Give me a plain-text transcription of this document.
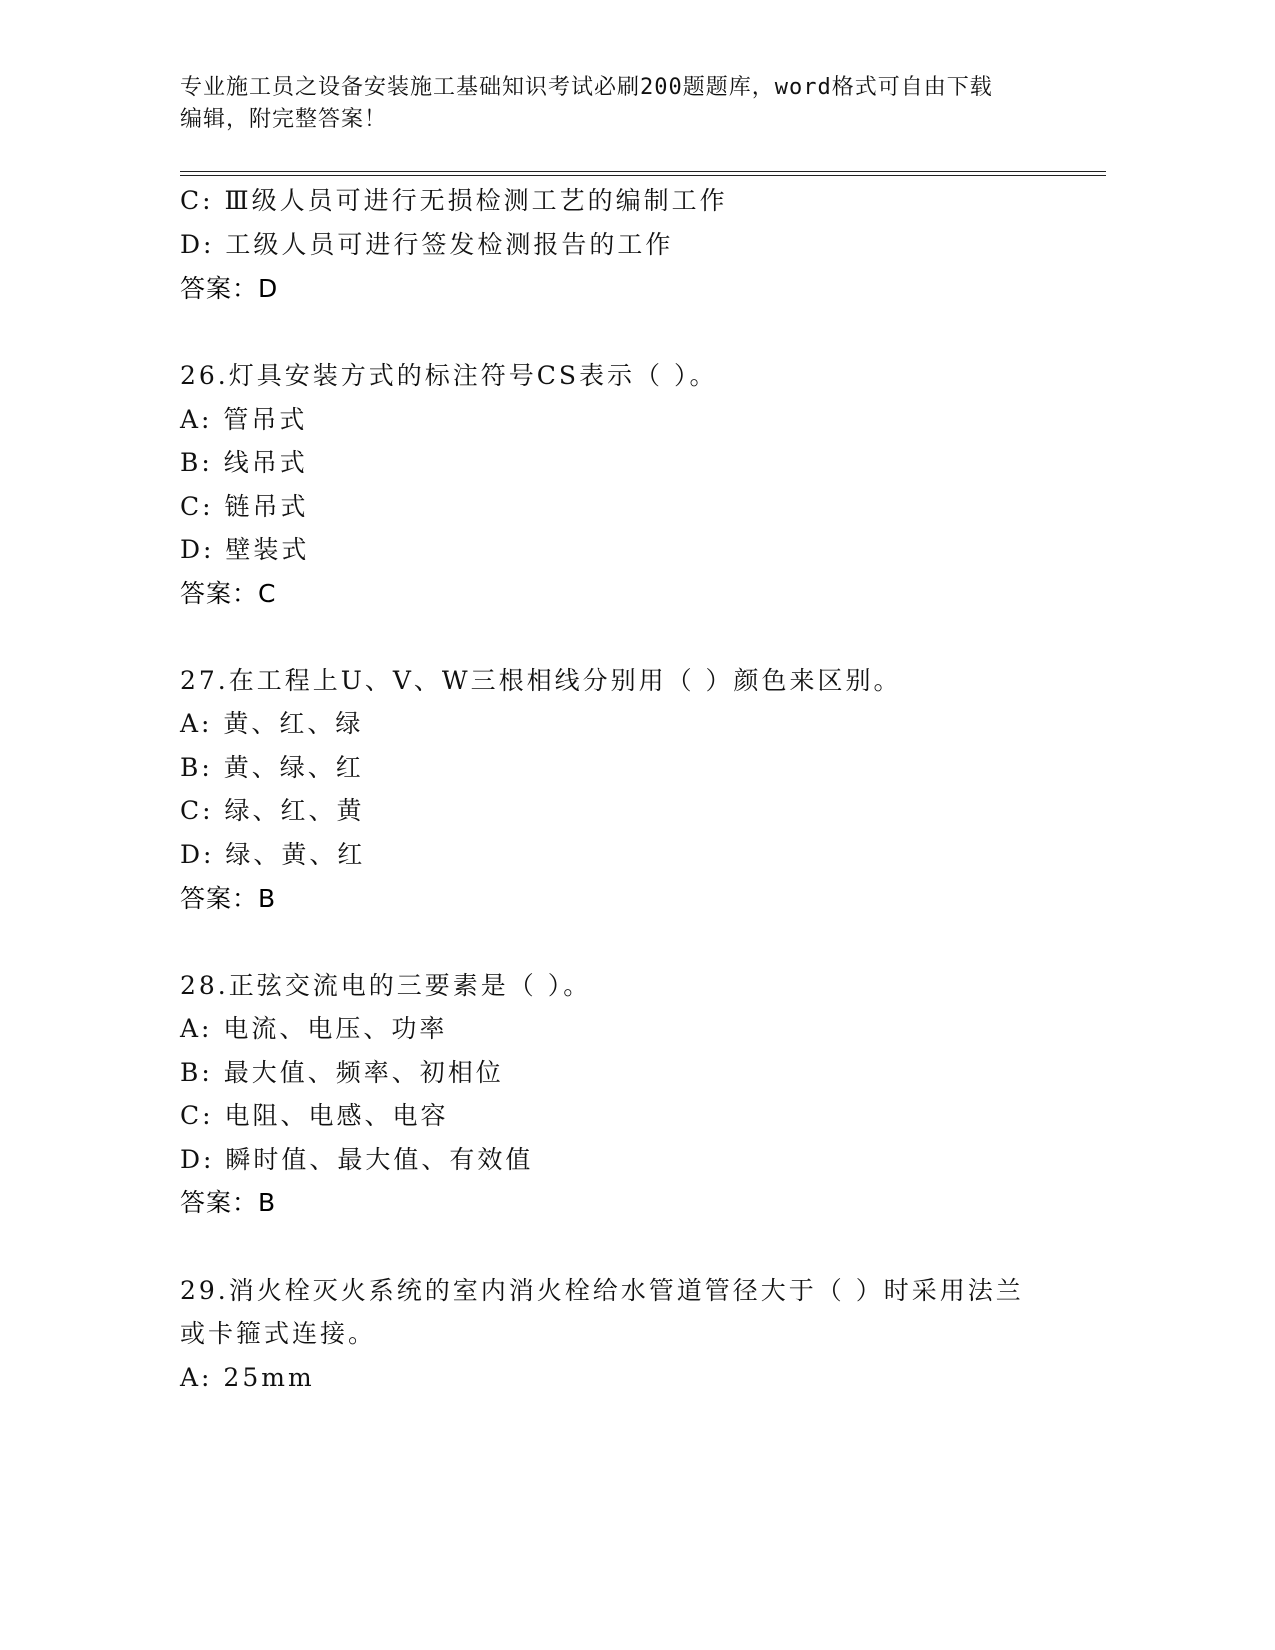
专业施工员之设备安装施工基础知识考试必刷200题题库，word格式可自由下载
编辑，附完整答案！
C: Ⅲ级人员可进行无损检测工艺的编制工作
D: 工级人员可进行签发检测报告的工作
答案：D
26.灯具安装方式的标注符号CS表示（ ）。
A: 管吊式
B: 线吊式
C: 链吊式
D: 壁装式
答案：C
27.在工程上U、V、W三根相线分别用（ ）颜色来区别。
A: 黄、红、绿
B: 黄、绿、红
C: 绿、红、黄
D: 绿、黄、红
答案：B
28.正弦交流电的三要素是（ ）。
A: 电流、电压、功率
B: 最大值、频率、初相位
C: 电阻、电感、电容
D: 瞬时值、最大值、有效值
答案：B
29.消火栓灭火系统的室内消火栓给水管道管径大于（ ）时采用法兰
或卡箍式连接。
A: 25mm
